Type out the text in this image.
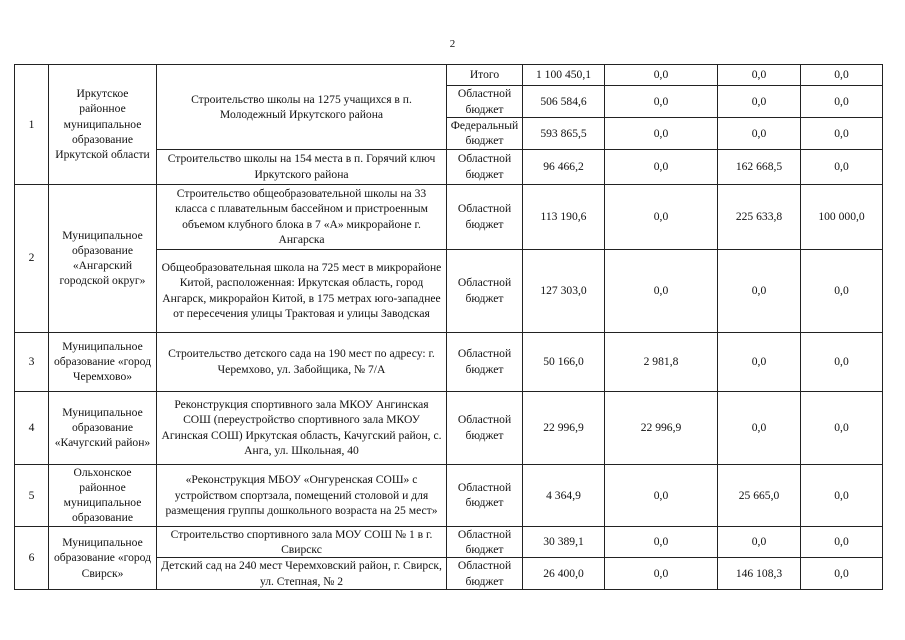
2
1	Иркутское районное муниципальное образование Иркутской области	Строительство школы на 1275 учащихся в п. Молодежный Иркутского района	Итого	1 100 450,1	0,0	0,0	0,0
			Областной бюджет	506 584,6	0,0	0,0	0,0
			Федеральный бюджет	593 865,5	0,0	0,0	0,0
		Строительство школы на 154 места в п. Горячий ключ Иркутского района	Областной бюджет	96 466,2	0,0	162 668,5	0,0
2	Муниципальное образование «Ангарский городской округ»	Строительство общеобразовательной школы на 33 класса с плавательным бассейном и пристроенным объемом клубного блока в 7 «А» микрорайоне г. Ангарска	Областной бюджет	113 190,6	0,0	225 633,8	100 000,0
		Общеобразовательная школа на 725 мест в микрорайоне Китой, расположенная: Иркутская область, город Ангарск, микрорайон Китой, в 175 метрах юго-западнее от пересечения улицы Трактовая и улицы Заводская	Областной бюджет	127 303,0	0,0	0,0	0,0
3	Муниципальное образование «город Черемхово»	Строительство детского сада на 190 мест по адресу: г. Черемхово, ул. Забойщика, № 7/А	Областной бюджет	50 166,0	2 981,8	0,0	0,0
4	Муниципальное образование «Качугский район»	Реконструкция спортивного зала МКОУ Ангинская СОШ (переустройство спортивного зала МКОУ Агинская СОШ) Иркутская область, Качугский район, с. Анга, ул. Школьная, 40	Областной бюджет	22 996,9	22 996,9	0,0	0,0
5	Ольхонское районное муниципальное образование	«Реконструкция МБОУ «Онгуренская СОШ» с устройством спортзала, помещений столовой и для размещения группы дошкольного возраста на 25 мест»	Областной бюджет	4 364,9	0,0	25 665,0	0,0
6	Муниципальное образование «город Свирск»	Строительство спортивного зала МОУ СОШ № 1 в г. Свирскс	Областной бюджет	30 389,1	0,0	0,0	0,0
		Детский сад на 240 мест Черемховский район, г. Свирск, ул. Степная, № 2	Областной бюджет	26 400,0	0,0	146 108,3	0,0
